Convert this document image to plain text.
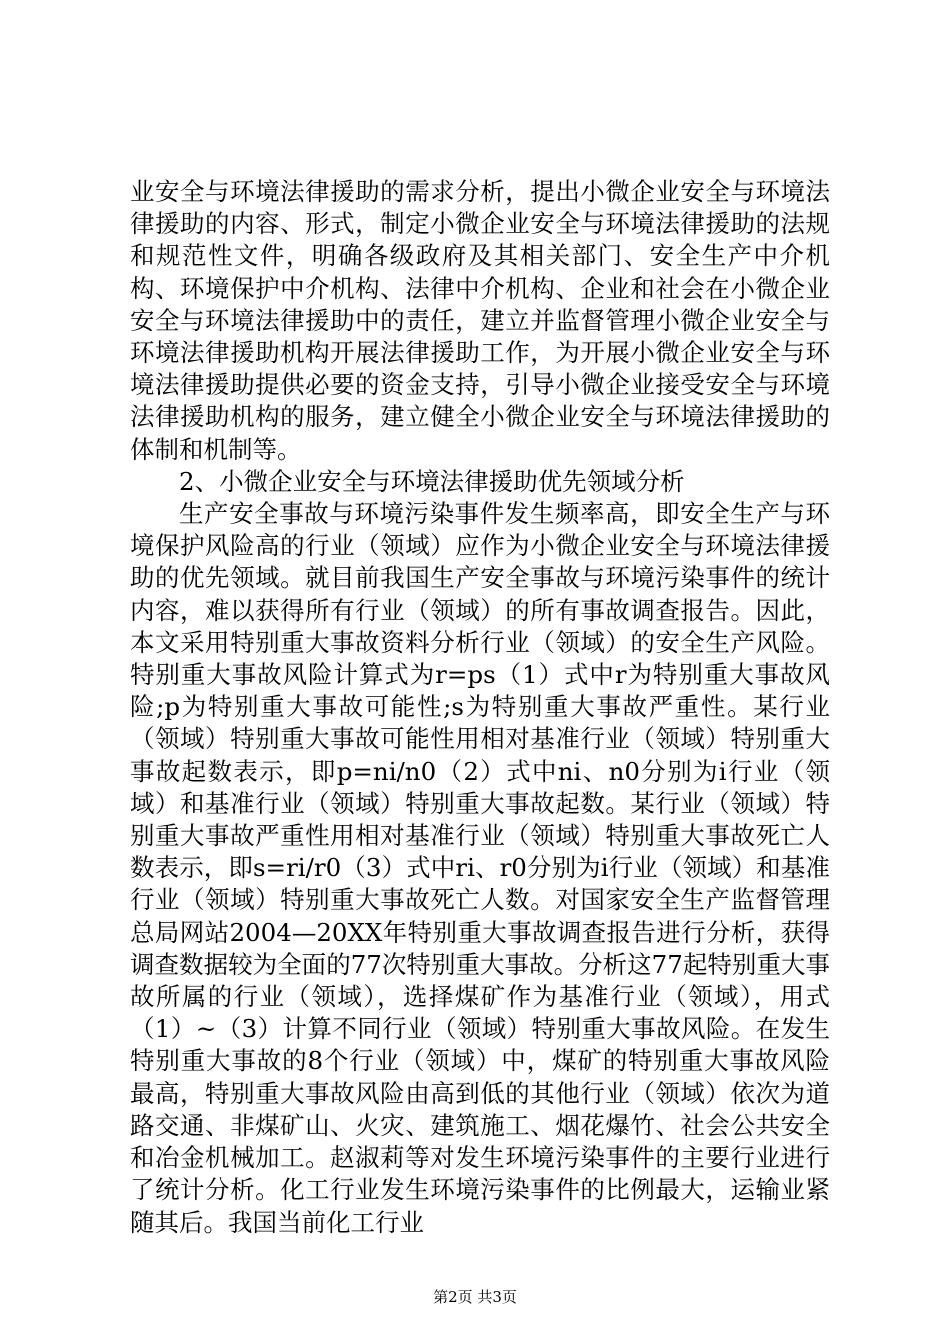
业安全与环境法律援助的需求分析，提出小微企业安全与环境法律援助的内容、形式，制定小微企业安全与环境法律援助的法规和规范性文件，明确各级政府及其相关部门、安全生产中介机构、环境保护中介机构、法律中介机构、企业和社会在小微企业安全与环境法律援助中的责任，建立并监督管理小微企业安全与环境法律援助机构开展法律援助工作，为开展小微企业安全与环境法律援助提供必要的资金支持，引导小微企业接受安全与环境法律援助机构的服务，建立健全小微企业安全与环境法律援助的体制和机制等。

2、小微企业安全与环境法律援助优先领域分析

生产安全事故与环境污染事件发生频率高，即安全生产与环境保护风险高的行业（领域）应作为小微企业安全与环境法律援助的优先领域。就目前我国生产安全事故与环境污染事件的统计内容，难以获得所有行业（领域）的所有事故调查报告。因此，本文采用特别重大事故资料分析行业（领域）的安全生产风险。特别重大事故风险计算式为r=ps（1）式中r为特别重大事故风险;p为特别重大事故可能性;s为特别重大事故严重性。某行业（领域）特别重大事故可能性用相对基准行业（领域）特别重大事故起数表示，即p=ni/n0（2）式中ni、n0分别为i行业（领域）和基准行业（领域）特别重大事故起数。某行业（领域）特别重大事故严重性用相对基准行业（领域）特别重大事故死亡人数表示，即s=ri/r0（3）式中ri、r0分别为i行业（领域）和基准行业（领域）特别重大事故死亡人数。对国家安全生产监督管理总局网站2004—20XX年特别重大事故调查报告进行分析，获得调查数据较为全面的77次特别重大事故。分析这77起特别重大事故所属的行业（领域），选择煤矿作为基准行业（领域），用式（1）~（3）计算不同行业（领域）特别重大事故风险。在发生特别重大事故的8个行业（领域）中，煤矿的特别重大事故风险最高，特别重大事故风险由高到低的其他行业（领域）依次为道路交通、非煤矿山、火灾、建筑施工、烟花爆竹、社会公共安全和冶金机械加工。赵淑莉等对发生环境污染事件的主要行业进行了统计分析。化工行业发生环境污染事件的比例最大，运输业紧随其后。我国当前化工行业

第2页 共3页
